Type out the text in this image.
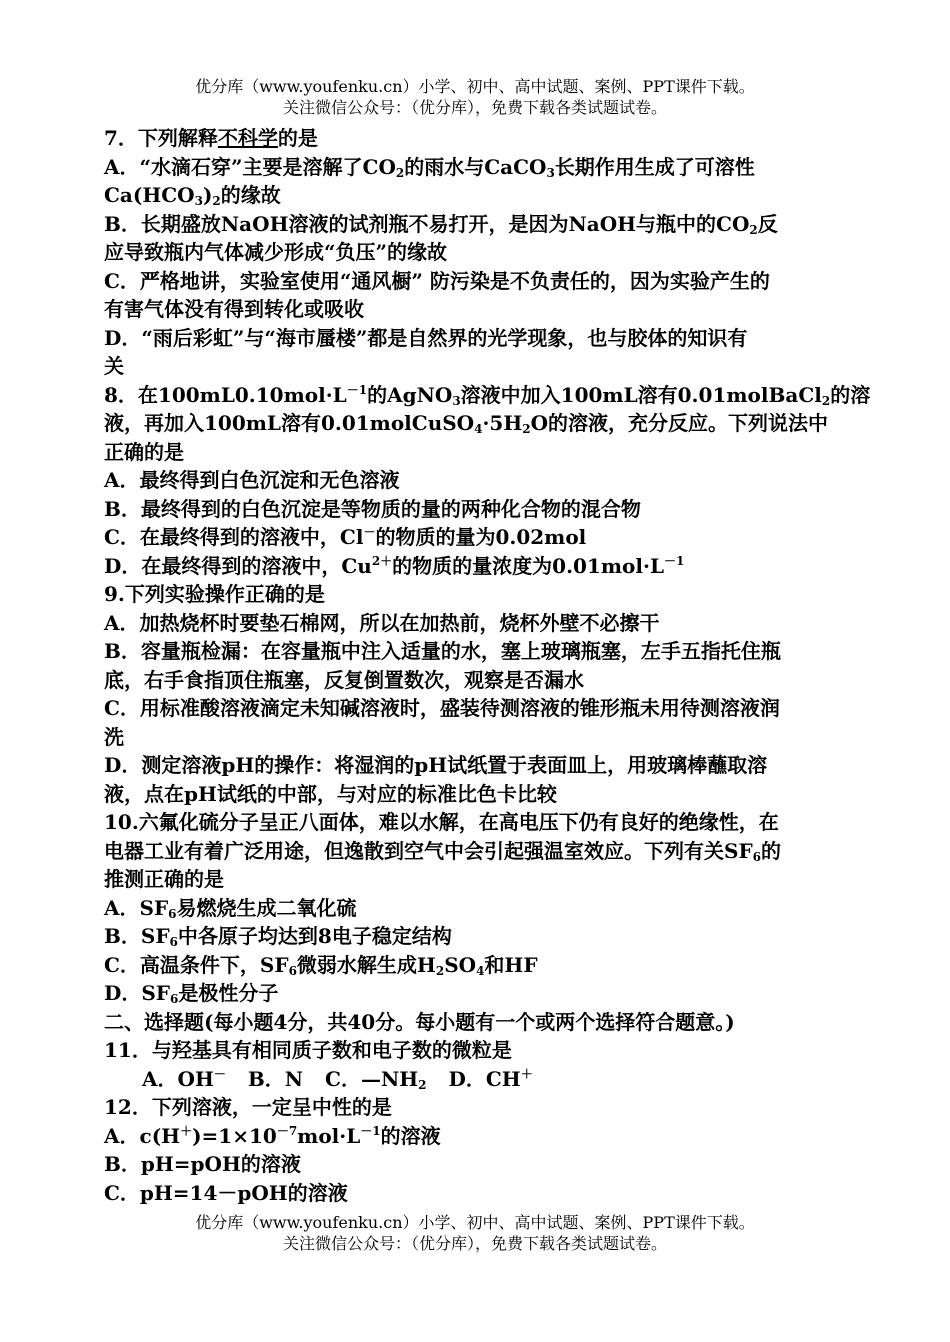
优分库（www.youfenku.cn）小学、初中、高中试题、案例、PPT课件下载。
关注微信公众号：（优分库），免费下载各类试题试卷。
7．下列解释不科学的是
A．“水滴石穿”主要是溶解了$CO_2$的雨水与CaCO$_3$长期作用生成了可溶性
$Ca(HCO_3)_2$的缘故
B．长期盛放NaOH溶液的试剂瓶不易打开，是因为NaOH与瓶中的$CO_2$反
应导致瓶内气体减少形成“负压”的缘故
C．严格地讲，实验室使用“通风橱” 防污染是不负责任的，因为实验产生的
有害气体没有得到转化或吸收
D．“雨后彩虹”与“海市蜃楼”都是自然界的光学现象，也与胶体的知识有
关
8．在$100mL0.10mol\cdot L^{-1}$的AgNO$_3$溶液中加入100mL溶有0.01molBaCl$_2$的溶
液，再加入100mL溶有$0.01molCuSO_4\cdot 5H_2O$的溶液，充分反应。下列说法中
正确的是
A．最终得到白色沉淀和无色溶液
B．最终得到的白色沉淀是等物质的量的两种化合物的混合物
C．在最终得到的溶液中，Cl－的物质的量为0.02mol
D．在最终得到的溶液中，$Cu^{2+}$的物质的量浓度为$0.01mol\cdot L^{-1}$
9.下列实验操作正确的是
A．加热烧杯时要垫石棉网，所以在加热前，烧杯外壁不必擦干
B．容量瓶检漏：在容量瓶中注入适量的水，塞上玻璃瓶塞，左手五指托住瓶
底，右手食指顶住瓶塞，反复倒置数次，观察是否漏水
C．用标准酸溶液滴定未知碱溶液时，盛装待测溶液的锥形瓶未用待测溶液润
洗
D．测定溶液pH的操作：将湿润的pH试纸置于表面皿上，用玻璃棒蘸取溶
液，点在pH试纸的中部，与对应的标准比色卡比较
10.六氟化硫分子呈正八面体，难以水解，在高电压下仍有良好的绝缘性，在
电器工业有着广泛用途，但逸散到空气中会引起强温室效应。下列有关$SF_6$的
推测正确的是
A．$SF_6$易燃烧生成二氧化硫
B．$SF_6$中各原子均达到8电子稳定结构
C．高温条件下，$SF_6$微弱水解生成$H_2SO_4$和HF
D．$SF_6$是极性分子
二、选择题(每小题4分，共40分。每小题有一个或两个选择符合题意。)
11．与羟基具有相同质子数和电子数的微粒是
A．OH－ B．N C．$—NH_2$ D．CH＋
12．下列溶液，一定呈中性的是
A．$c(H^+)=1\times 10^{-7}mol\cdot L^{-1}$的溶液
B．pH=pOH的溶液
C．pH=14－pOH的溶液
优分库（www.youfenku.cn）小学、初中、高中试题、案例、PPT课件下载。
关注微信公众号：（优分库），免费下载各类试题试卷。
